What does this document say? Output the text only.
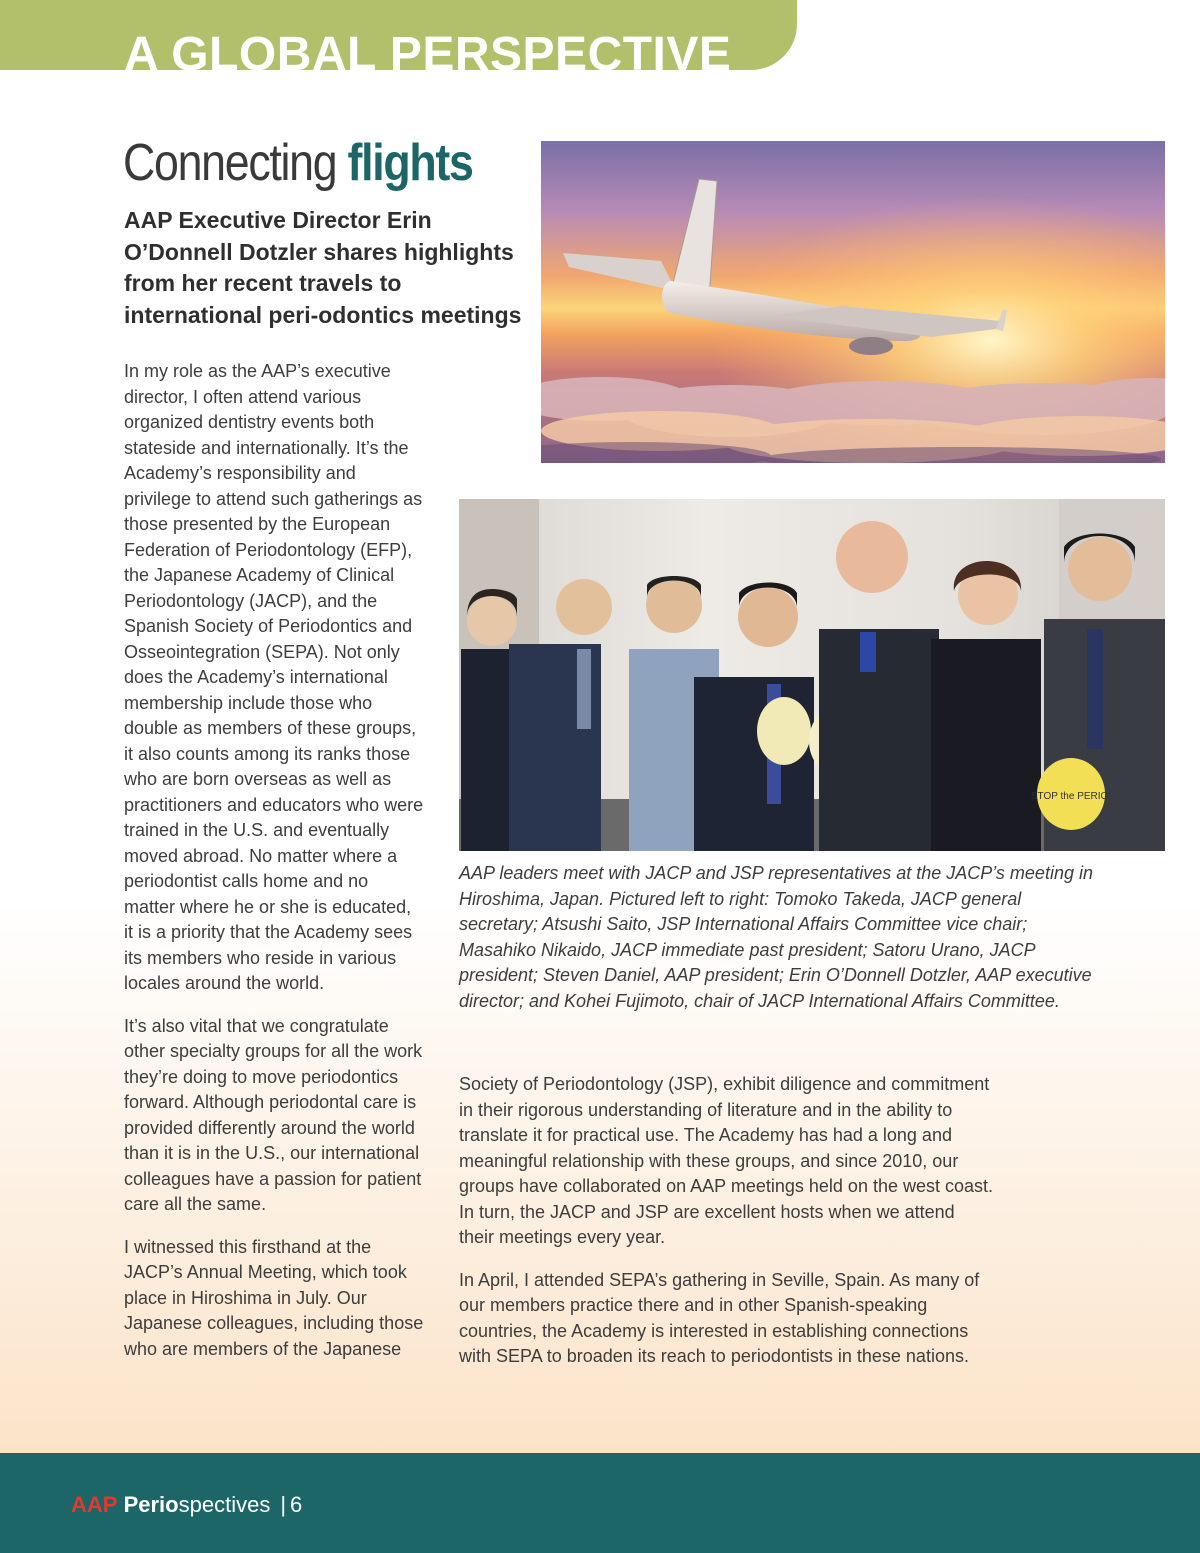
A GLOBAL PERSPECTIVE
Connecting flights
AAP Executive Director Erin O’Donnell Dotzler shares highlights from her recent travels to international peri-odontics meetings

In my role as the AAP’s executive director, I often attend various organized dentistry events both stateside and internationally. It’s the Academy’s responsibility and privilege to attend such gatherings as those presented by the European Federation of Periodontology (EFP), the Japanese Academy of Clinical Periodontology (JACP), and the Spanish Society of Periodontics and Osseointegration (SEPA). Not only does the Academy’s international membership include those who double as members of these groups, it also counts among its ranks those who are born overseas as well as practitioners and educators who were trained in the U.S. and eventually moved abroad. No matter where a periodontist calls home and no matter where he or she is educated, it is a priority that the Academy sees its members who reside in various locales around the world.

It’s also vital that we congratulate other specialty groups for all the work they’re doing to move periodontics forward. Although periodontal care is provided differently around the world than it is in the U.S., our international colleagues have a passion for patient care all the same.

I witnessed this firsthand at the JACP’s Annual Meeting, which took place in Hiroshima in July. Our Japanese colleagues, including those who are members of the Japanese

STOP the PERIO!
AAP leaders meet with JACP and JSP representatives at the JACP’s meeting in Hiroshima, Japan. Pictured left to right: Tomoko Takeda, JACP general secretary; Atsushi Saito, JSP International Affairs Committee vice chair; Masahiko Nikaido, JACP immediate past president; Satoru Urano, JACP president; Steven Daniel, AAP president; Erin O’Donnell Dotzler, AAP executive director; and Kohei Fujimoto, chair of JACP International Affairs Committee.

Society of Periodontology (JSP), exhibit diligence and commitment in their rigorous understanding of literature and in the ability to translate it for practical use. The Academy has had a long and meaningful relationship with these groups, and since 2010, our groups have collaborated on AAP meetings held on the west coast. In turn, the JACP and JSP are excellent hosts when we attend their meetings every year.

In April, I attended SEPA’s gathering in Seville, Spain. As many of our members practice there and in other Spanish-speaking countries, the Academy is interested in establishing connections with SEPA to broaden its reach to periodontists in these nations.

AAP Periospectives | 6
